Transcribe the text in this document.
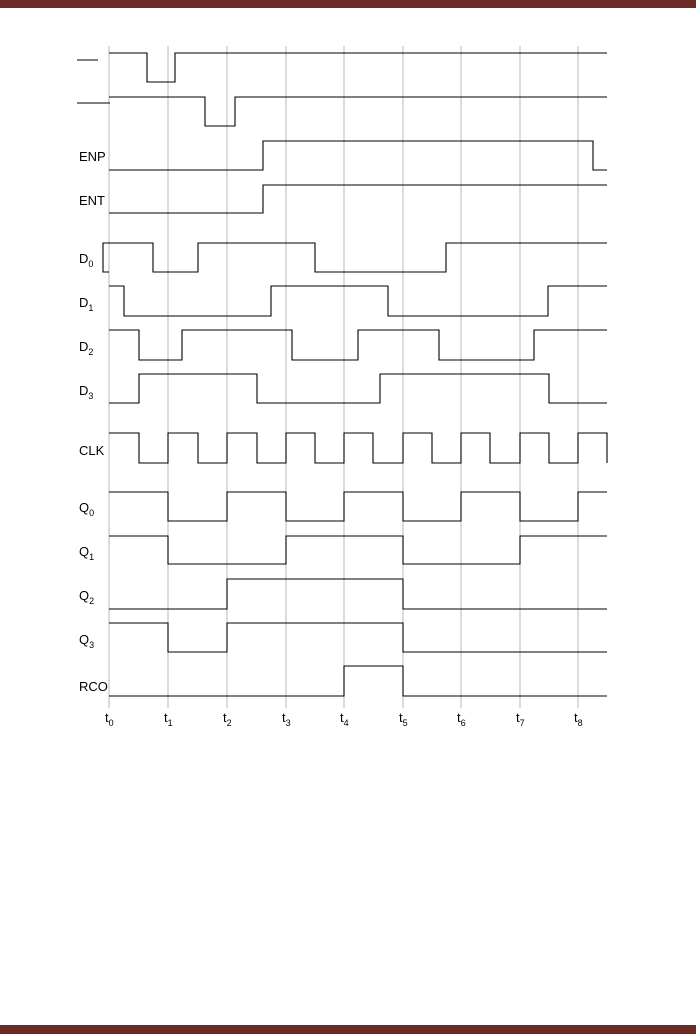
ENP
ENT
$D_0$
$D_1$
$D_2$
$D_3$
CLK
$Q_0$
$Q_1$
$Q_2$
$Q_3$
RCO
$t_0$	$t_1$	$t_2$	$t_3$	$t_4$	$t_5$	$t_6$	$t_7$	$t_8$
